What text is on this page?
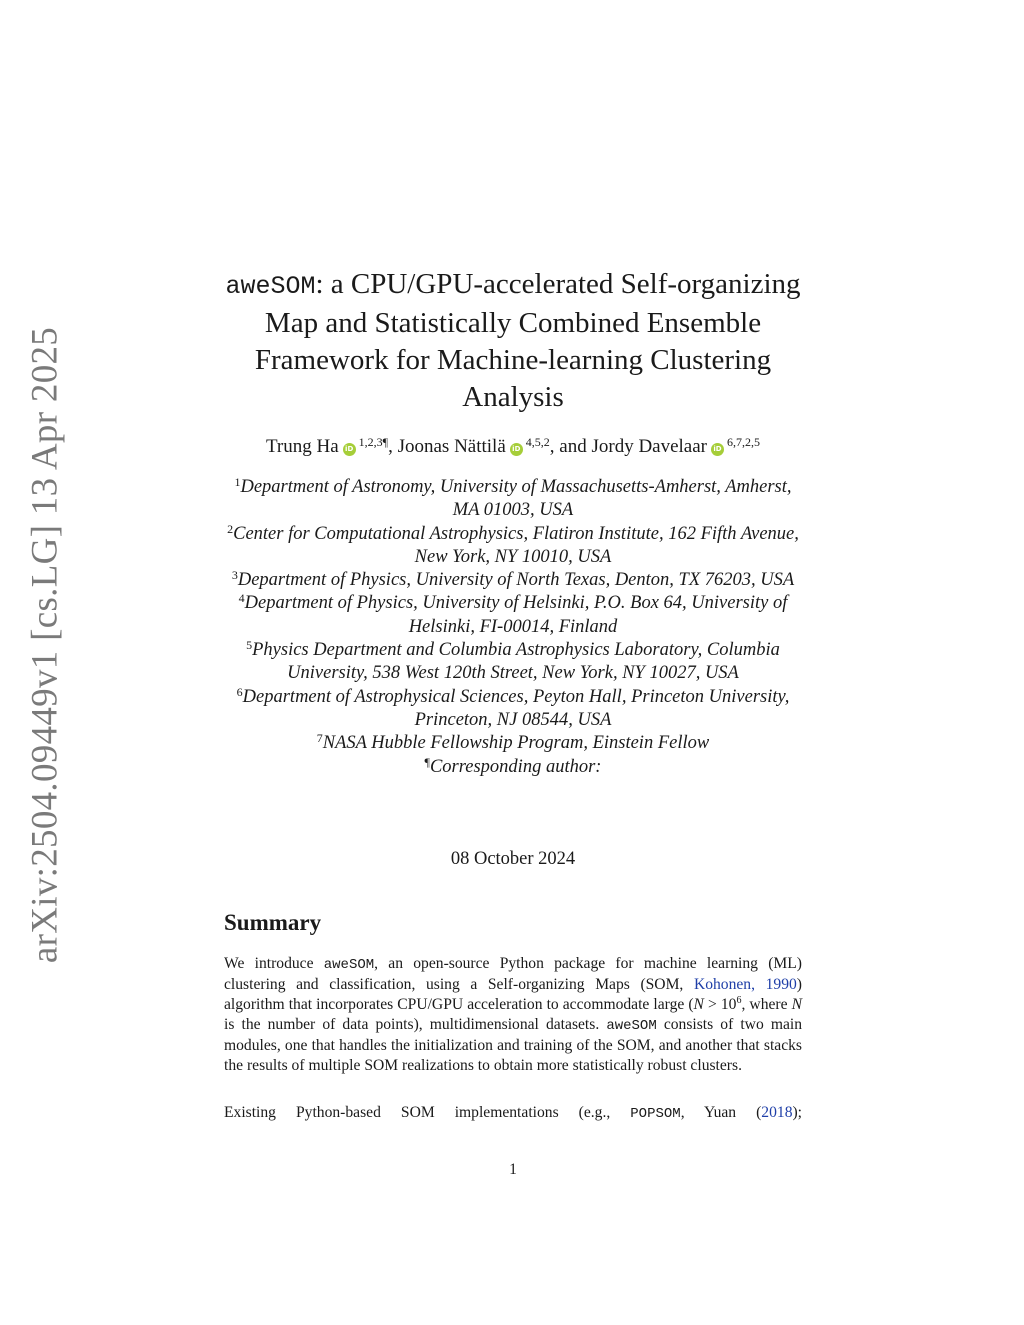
arXiv:2504.09449v1 [cs.LG] 13 Apr 2025
aweSOM: a CPU/GPU-accelerated Self-organizing Map and Statistically Combined Ensemble Framework for Machine-learning Clustering Analysis
Trung Ha iD $^{1,2,3\P}$, Joonas Nättilä iD $^{4,5,2}$, and Jordy Davelaar iD $^{6,7,2,5}$
$^1$Department of Astronomy, University of Massachusetts-Amherst, Amherst, MA 01003, USA
$^2$Center for Computational Astrophysics, Flatiron Institute, 162 Fifth Avenue, New York, NY 10010, USA
$^3$Department of Physics, University of North Texas, Denton, TX 76203, USA
$^4$Department of Physics, University of Helsinki, P.O. Box 64, University of Helsinki, FI-00014, Finland
$^5$Physics Department and Columbia Astrophysics Laboratory, Columbia University, 538 West 120th Street, New York, NY 10027, USA
$^6$Department of Astrophysical Sciences, Peyton Hall, Princeton University, Princeton, NJ 08544, USA
$^7$NASA Hubble Fellowship Program, Einstein Fellow
¶Corresponding author:
08 October 2024
Summary
We introduce aweSOM, an open-source Python package for machine learning (ML) clustering and classification, using a Self-organizing Maps (SOM, Kohonen, 1990) algorithm that incorporates CPU/GPU acceleration to accommodate large ($N > 10^6$, where N is the number of data points), multidimensional datasets. aweSOM consists of two main modules, one that handles the initialization and training of the SOM, and another that stacks the results of multiple SOM realizations to obtain more statistically robust clusters.
Existing Python-based SOM implementations (e.g., POPSOM, Yuan (2018);
1
